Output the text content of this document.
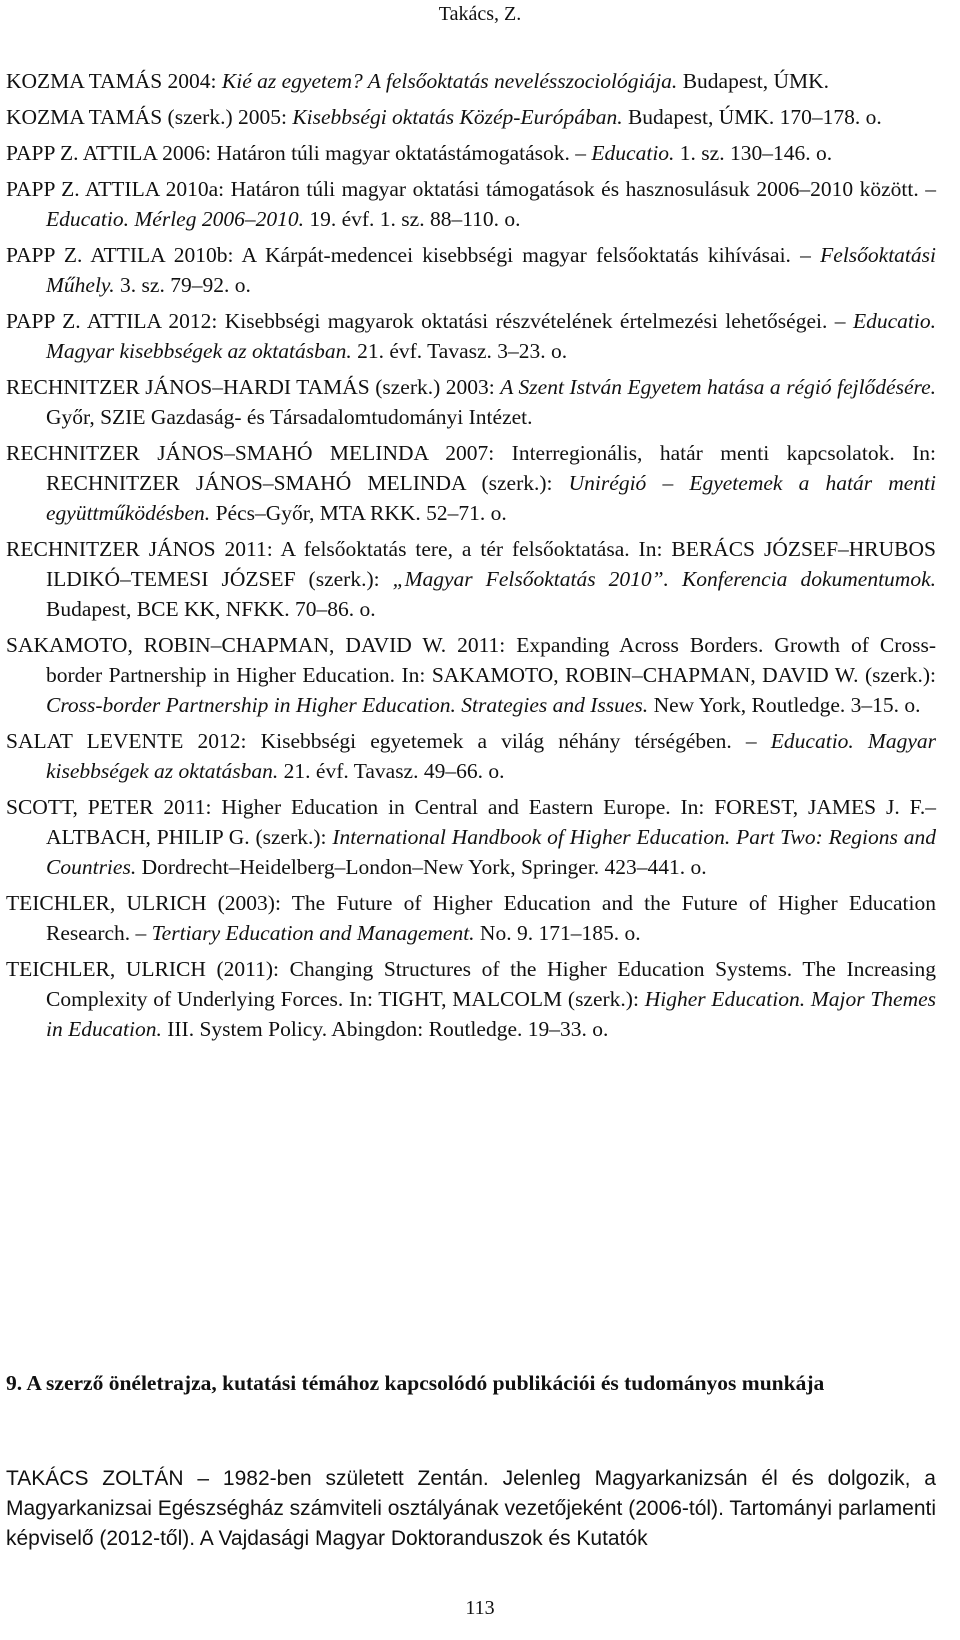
Takács, Z.

KOZMA TAMÁS 2004: Kié az egyetem? A felsőoktatás nevelésszociológiája. Budapest, ÚMK.

KOZMA TAMÁS (szerk.) 2005: Kisebbségi oktatás Közép-Európában. Budapest, ÚMK. 170–178. o.

PAPP Z. ATTILA 2006: Határon túli magyar oktatástámogatások. – Educatio. 1. sz. 130–146. o.

PAPP Z. ATTILA 2010a: Határon túli magyar oktatási támogatások és hasznosulásuk 2006–2010 között. – Educatio. Mérleg 2006–2010. 19. évf. 1. sz. 88–110. o.

PAPP Z. ATTILA 2010b: A Kárpát-medencei kisebbségi magyar felsőoktatás kihívásai. – Felsőoktatási Műhely. 3. sz. 79–92. o.

PAPP Z. ATTILA 2012: Kisebbségi magyarok oktatási részvételének értelmezési lehetőségei. – Educatio. Magyar kisebbségek az oktatásban. 21. évf. Tavasz. 3–23. o.

RECHNITZER JÁNOS–HARDI TAMÁS (szerk.) 2003: A Szent István Egyetem hatása a régió fejlődésére. Győr, SZIE Gazdaság- és Társadalomtudományi Intézet.

RECHNITZER JÁNOS–SMAHÓ MELINDA 2007: Interregionális, határ menti kapcsolatok. In: RECHNITZER JÁNOS–SMAHÓ MELINDA (szerk.): Unirégió – Egyetemek a határ menti együttműködésben. Pécs–Győr, MTA RKK. 52–71. o.

RECHNITZER JÁNOS 2011: A felsőoktatás tere, a tér felsőoktatása. In: BERÁCS JÓZSEF–HRUBOS ILDIKÓ–TEMESI JÓZSEF (szerk.): „Magyar Felsőoktatás 2010”. Konferencia dokumentumok. Budapest, BCE KK, NFKK. 70–86. o.

SAKAMOTO, ROBIN–CHAPMAN, DAVID W. 2011: Expanding Across Borders. Growth of Cross-border Partnership in Higher Education. In: SAKAMOTO, ROBIN–CHAPMAN, DAVID W. (szerk.): Cross-border Partnership in Higher Education. Strategies and Issues. New York, Routledge. 3–15. o.

SALAT LEVENTE 2012: Kisebbségi egyetemek a világ néhány térségében. – Educatio. Magyar kisebbségek az oktatásban. 21. évf. Tavasz. 49–66. o.

SCOTT, PETER 2011: Higher Education in Central and Eastern Europe. In: FOREST, JAMES J. F.–ALTBACH, PHILIP G. (szerk.): International Handbook of Higher Education. Part Two: Regions and Countries. Dordrecht–Heidelberg–London–New York, Springer. 423–441. o.

TEICHLER, ULRICH (2003): The Future of Higher Education and the Future of Higher Education Research. – Tertiary Education and Management. No. 9. 171–185. o.

TEICHLER, ULRICH (2011): Changing Structures of the Higher Education Systems. The Increasing Complexity of Underlying Forces. In: TIGHT, MALCOLM (szerk.): Higher Education. Major Themes in Education. III. System Policy. Abingdon: Routledge. 19–33. o.

9. A szerző önéletrajza, kutatási témához kapcsolódó publikációi és tudományos munkája
TAKÁCS ZOLTÁN – 1982-ben született Zentán. Jelenleg Magyarkanizsán él és dolgozik, a Magyarkanizsai Egészségház számviteli osztályának vezetőjeként (2006-tól). Tartományi parlamenti képviselő (2012-től). A Vajdasági Magyar Doktoranduszok és Kutatók
113
